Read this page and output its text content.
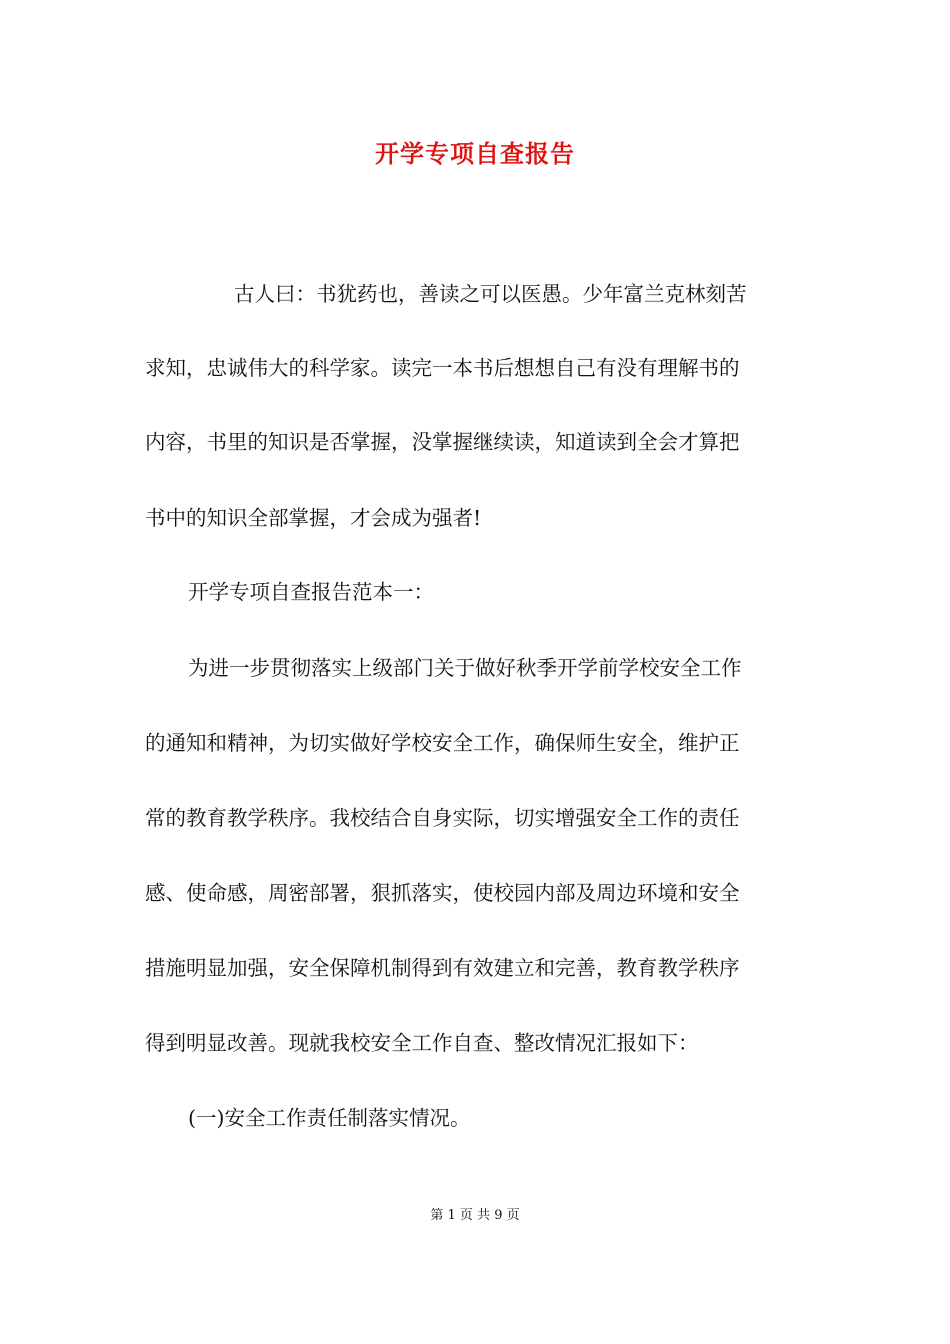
开学专项自查报告
古人曰：书犹药也，善读之可以医愚。少年富兰克林刻苦
求知，忠诚伟大的科学家。读完一本书后想想自己有没有理解书的
内容，书里的知识是否掌握，没掌握继续读，知道读到全会才算把
书中的知识全部掌握，才会成为强者!
开学专项自查报告范本一：
为进一步贯彻落实上级部门关于做好秋季开学前学校安全工作
的通知和精神，为切实做好学校安全工作，确保师生安全，维护正
常的教育教学秩序。我校结合自身实际，切实增强安全工作的责任
感、使命感，周密部署，狠抓落实，使校园内部及周边环境和安全
措施明显加强，安全保障机制得到有效建立和完善，教育教学秩序
得到明显改善。现就我校安全工作自查、整改情况汇报如下：
(一)安全工作责任制落实情况。
第 1 页 共 9 页
